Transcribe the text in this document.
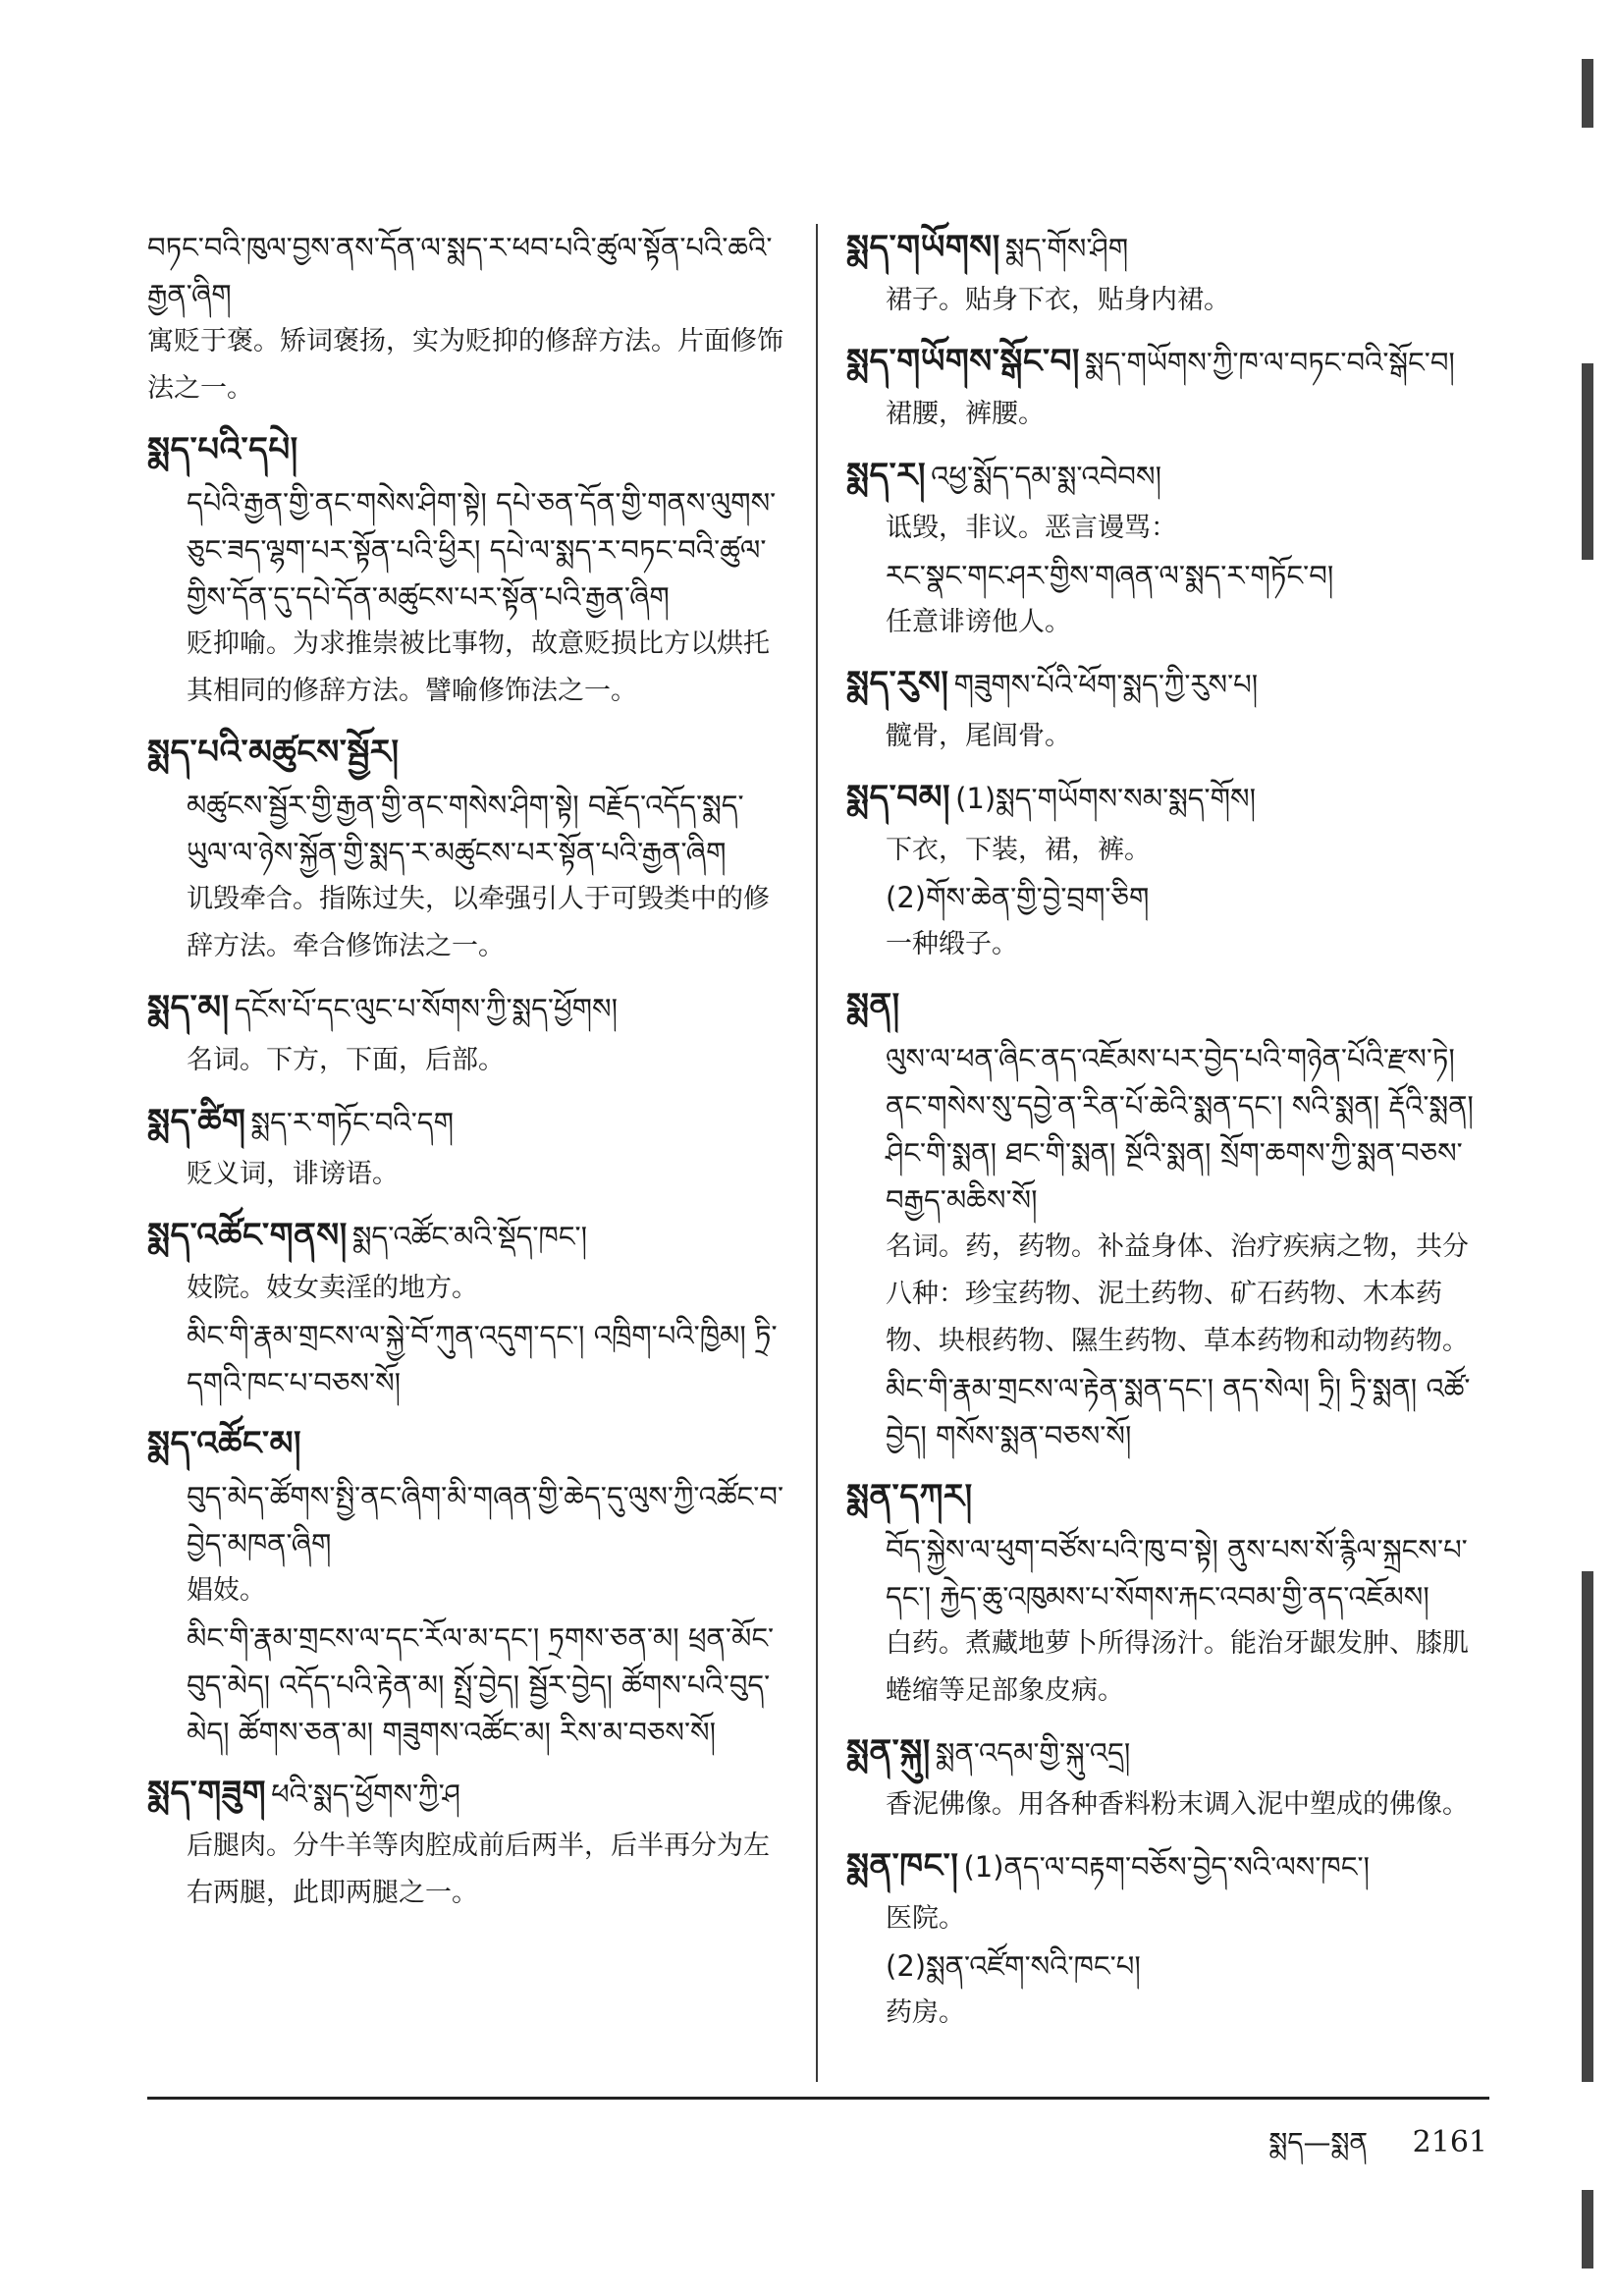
བཏང་བའི་ཁུལ་བྱས་ནས་དོན་ལ་སྨད་ར་ཕབ་པའི་ཚུལ་སྟོན་པའི་ཆའི་རྒྱན་ཞིག
寓贬于褒。矫词褒扬，实为贬抑的修辞方法。片面修饰法之一。
སྨད་པའི་དཔེ།
དཔེའི་རྒྱན་གྱི་ནང་གསེས་ཤིག་སྟེ། དཔེ་ཅན་དོན་གྱི་གནས་ལུགས་ཅུང་ཟད་ལྷག་པར་སྟོན་པའི་ཕྱིར། དཔེ་ལ་སྨད་ར་བཏང་བའི་ཚུལ་གྱིས་དོན་དུ་དཔེ་དོན་མཚུངས་པར་སྟོན་པའི་རྒྱན་ཞིག
贬抑喻。为求推崇被比事物，故意贬损比方以烘托其相同的修辞方法。譬喻修饰法之一。
སྨད་པའི་མཚུངས་སྦྱོར།
མཚུངས་སྦྱོར་གྱི་རྒྱན་གྱི་ནང་གསེས་ཤིག་སྟེ། བརྗོད་འདོད་སྨད་ཡུལ་ལ་ཉེས་སྐྱོན་གྱི་སྨད་ར་མཚུངས་པར་སྟོན་པའི་རྒྱན་ཞིག
讥毁牵合。指陈过失，以牵强引人于可毁类中的修辞方法。牵合修饰法之一。
སྨད་མ། དངོས་པོ་དང་ལུང་པ་སོགས་ཀྱི་སྨད་ཕྱོགས།
名词。下方，下面，后部。
སྨད་ཚིག སྨད་ར་གཏོང་བའི་དག
贬义词，诽谤语。
སྨད་འཚོང་གནས། སྨད་འཚོང་མའི་སྡོད་ཁང་།
妓院。妓女卖淫的地方。
མིང་གི་རྣམ་གྲངས་ལ་སྐྱེ་བོ་ཀུན་འདུག་དང་། འཁྲིག་པའི་ཁྱིམ། ཏྲི་དགའི་ཁང་པ་བཅས་སོ།
སྨད་འཚོང་མ།
བུད་མེད་ཚོགས་སྤྱི་ནང་ཞིག་མི་གཞན་གྱི་ཆེད་དུ་ལུས་ཀྱི་འཚོང་བ་བྱེད་མཁན་ཞིག
娼妓。
མིང་གི་རྣམ་གྲངས་ལ་དང་རོལ་མ་དང་། ཏྲགས་ཅན་མ། ཕྲན་མོང་བུད་མེད། འདོད་པའི་རྟེན་མ། སྤྲོ་བྱེད། སྦྱོར་བྱེད། ཚོགས་པའི་བུད་མེད། ཚོགས་ཅན་མ། གཟུགས་འཚོང་མ། རིས་མ་བཅས་སོ།
སྨད་གཟུག ཕའི་སྨད་ཕྱོགས་ཀྱི་ཤ
后腿肉。分牛羊等肉腔成前后两半，后半再分为左右两腿，此即两腿之一。
སྨད་གཡོགས། སྨད་གོས་ཤིག
裙子。贴身下衣，贴身内裙。
སྨད་གཡོགས་སྒོང་བ། སྨད་གཡོགས་ཀྱི་ཁ་ལ་བཏང་བའི་སྒོང་བ།
裙腰，裤腰。
སྨད་ར། འཕྱ་སྨོད་དམ་སྨ་འབེབས།
诋毁，非议。恶言谩骂：
རང་སྣང་གང་ཤར་གྱིས་གཞན་ལ་སྨད་ར་གཏོང་བ།
任意诽谤他人。
སྨད་རུས། གཟུགས་པོའི་ཕོག་སྨད་ཀྱི་རུས་པ།
髋骨，尾闾骨。
སྨད་བམ། (1)སྨད་གཡོགས་སམ་སྨད་གོས།
下衣，下装，裙，裤。
(2)གོས་ཆེན་གྱི་བྱེ་བྲག་ཅིག
一种缎子。
སྨན།
ལུས་ལ་ཕན་ཞིང་ནད་འཇོམས་པར་བྱེད་པའི་གཉེན་པོའི་རྫས་ཏེ། ནང་གསེས་སུ་དབྱེ་ན་རིན་པོ་ཆེའི་སྨན་དང་། སའི་སྨན། རྡོའི་སྨན། ཤིང་གི་སྨན། ཐང་གི་སྨན། སྔོའི་སྨན། སྲོག་ཆགས་ཀྱི་སྨན་བཅས་བརྒྱད་མཆིས་སོ།
名词。药，药物。补益身体、治疗疾病之物，共分八种：珍宝药物、泥土药物、矿石药物、木本药物、块根药物、隰生药物、草本药物和动物药物。
མིང་གི་རྣམ་གྲངས་ལ་རྟེན་སྨན་དང་། ནད་སེལ། ཏྲི། ཏྲི་སྨན། འཚོ་བྱེད། གསོས་སྨན་བཅས་སོ།
སྨན་དཀར།
བོད་སྐྱེས་ལ་ཕུག་བཙོས་པའི་ཁུ་བ་སྟེ། ནུས་པས་སོ་རྙིལ་སྐྲངས་པ་དང་། རྐྱེད་ཆུ་འཁུམས་པ་སོགས་རྐང་འབམ་གྱི་ནད་འཇོམས།
白药。煮藏地萝卜所得汤汁。能治牙龈发肿、膝肌蜷缩等足部象皮病。
སྨན་སྐུ། སྨན་འདམ་གྱི་སྐུ་འདྲ།
香泥佛像。用各种香料粉末调入泥中塑成的佛像。
སྨན་ཁང་། (1)ནད་ལ་བརྟག་བཅོས་བྱེད་སའི་ལས་ཁང་།
医院。
(2)སྨན་འཛོག་སའི་ཁང་པ།
药房。
སྨད—སྨན 2161
